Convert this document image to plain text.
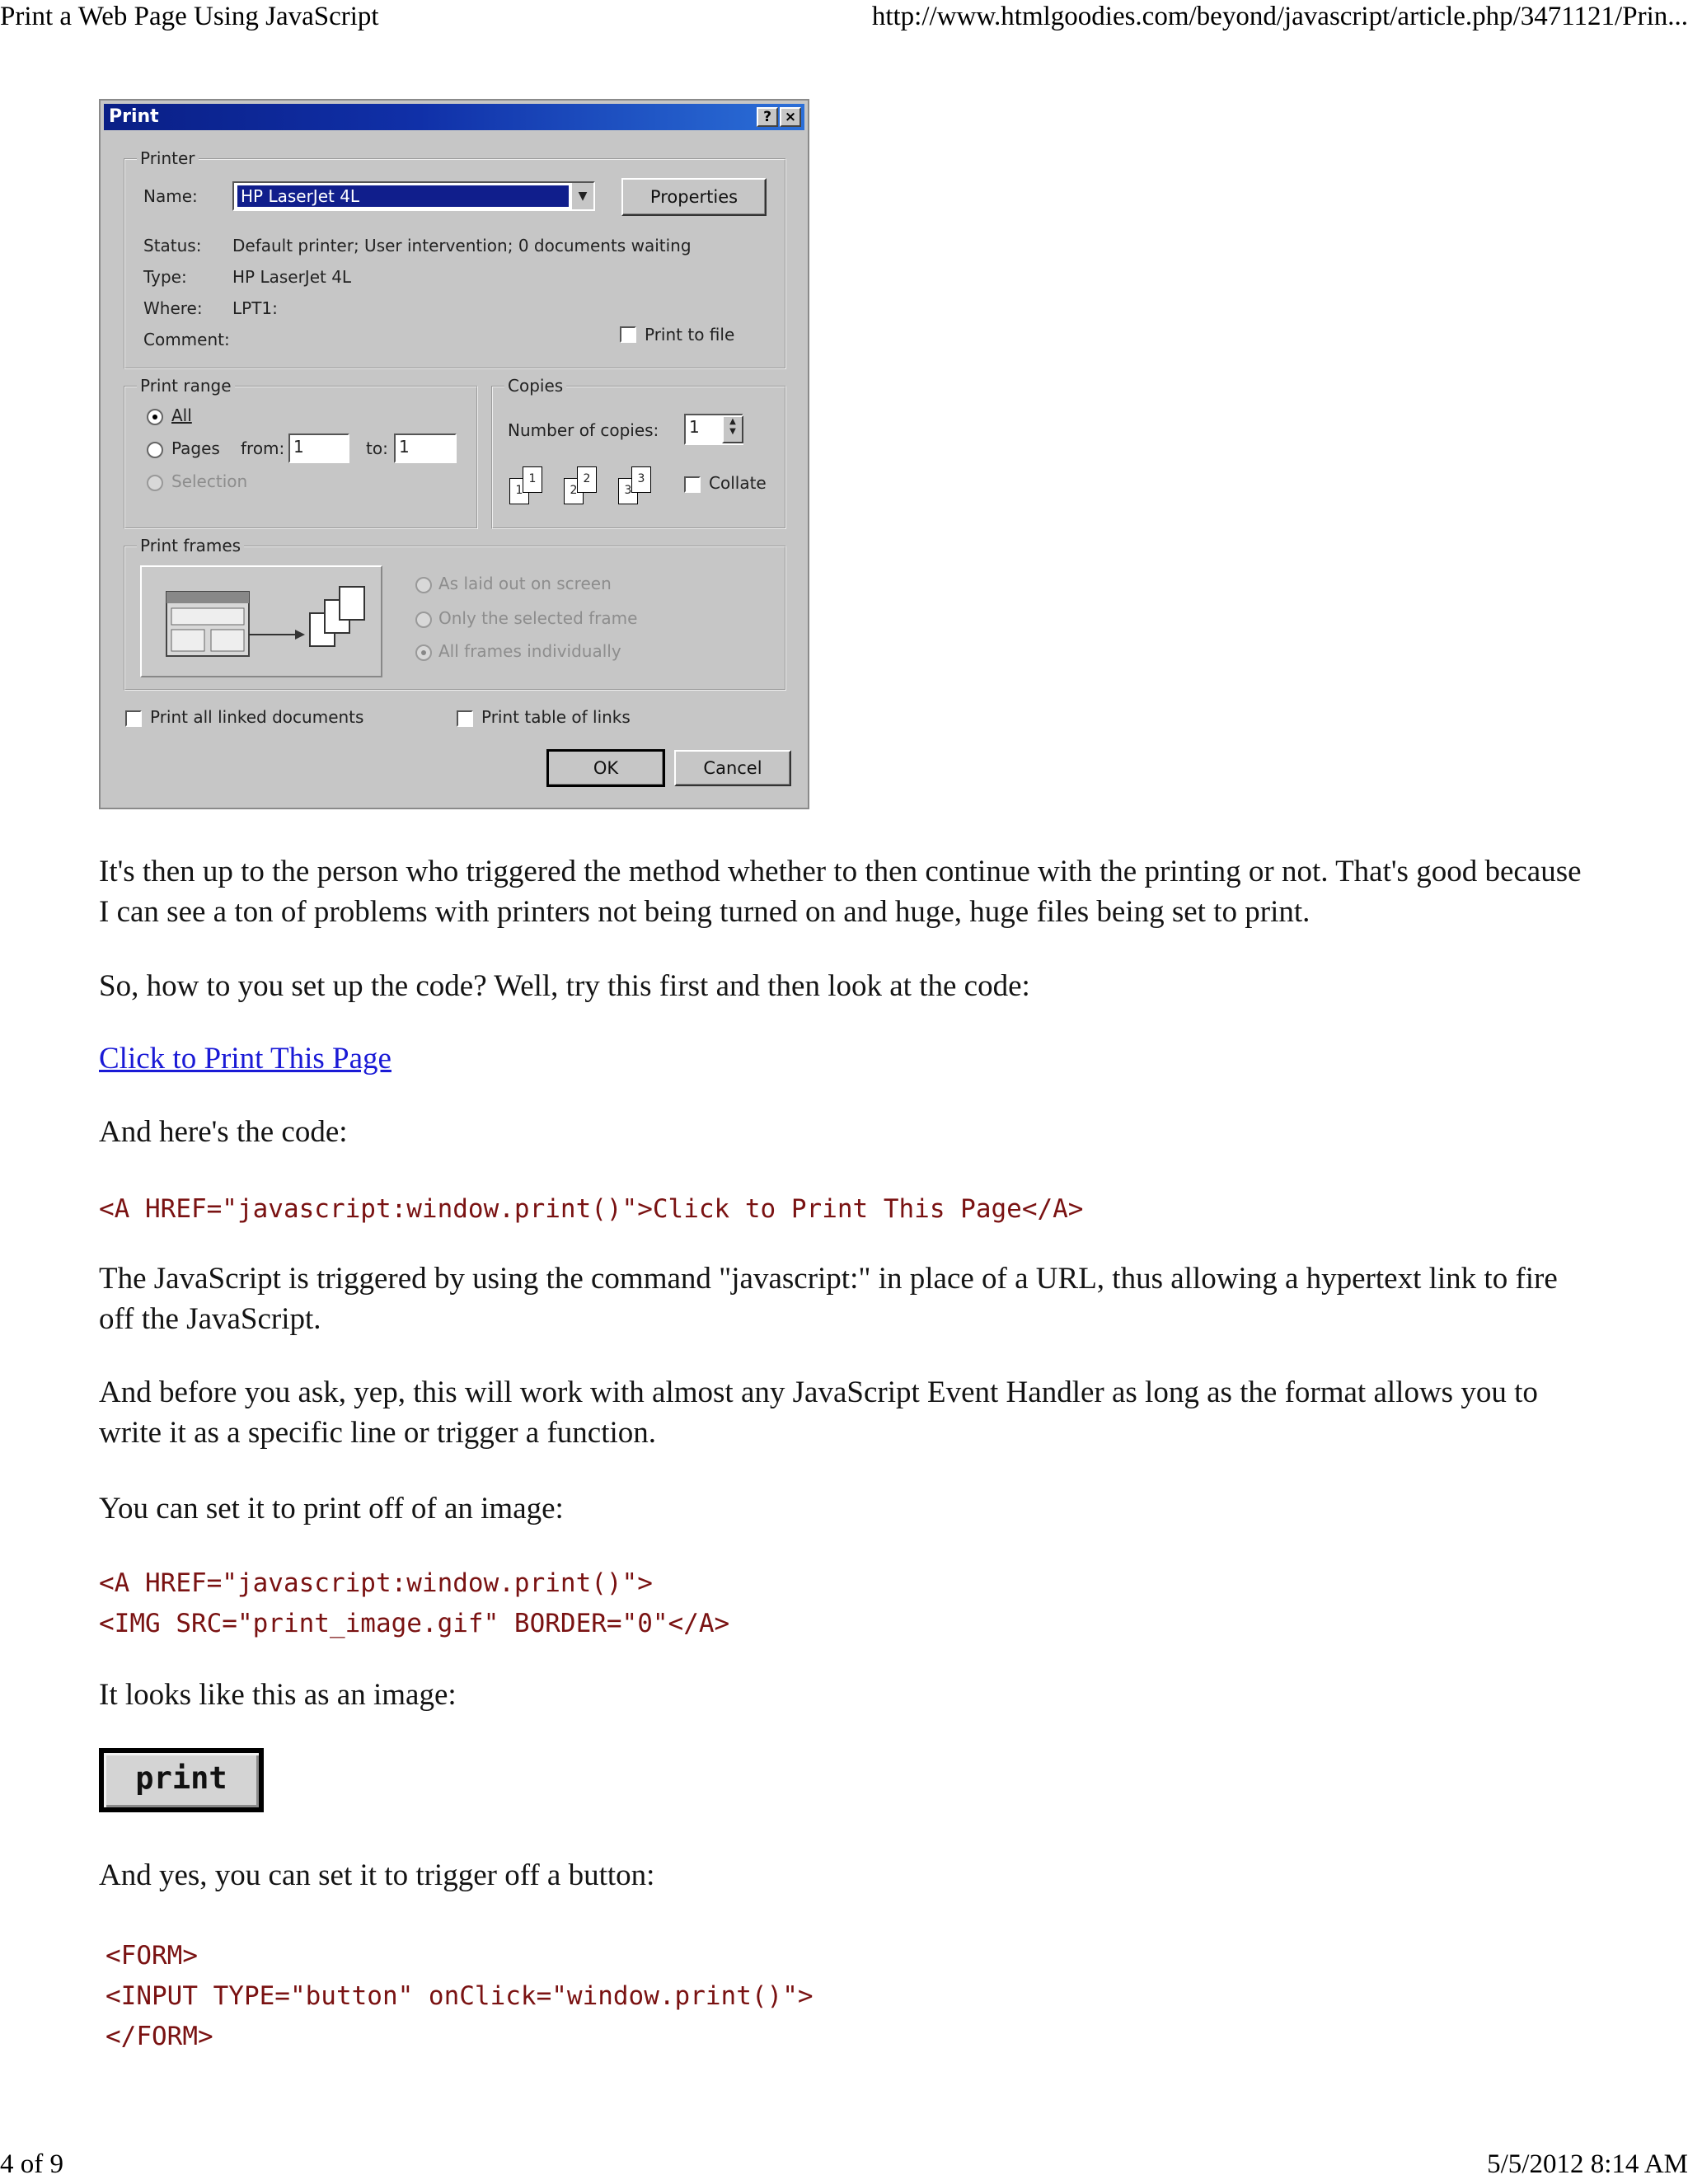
Print a Web Page Using JavaScript	http://www.htmlgoodies.com/beyond/javascript/article.php/3471121/Prin...
Print	? ×
Printer
Name:	HP LaserJet 4L	▼	Properties
Status: Default printer; User intervention; 0 documents waiting
Type:	HP LaserJet 4L
Where: LPT1:
Comment:	Print to file
Print range
All
Pages from: 1	to: 1
Selection
Copies
Number of copies:	1	▲
▼
1
1
2
2
3
3	Collate
Print frames
As laid out on screen
Only the selected frame
All frames individually
Print all linked documents	Print table of links
OK	Cancel

It's then up to the person who triggered the method whether to then continue with the printing or not. That's good because I can see a ton of problems with printers not being turned on and huge, huge files being set to print.

So, how to you set up the code? Well, try this first and then look at the code:

Click to Print This Page

And here's the code:

<A HREF="javascript:window.print()">Click to Print This Page</A>

The JavaScript is triggered by using the command "javascript:" in place of a URL, thus allowing a hypertext link to fire off the JavaScript.

And before you ask, yep, this will work with almost any JavaScript Event Handler as long as the format allows you to write it as a specific line or trigger a function.

You can set it to print off of an image:

<A HREF="javascript:window.print()">
<IMG SRC="print_image.gif" BORDER="0"</A>

It looks like this as an image:

print

And yes, you can set it to trigger off a button:

<FORM>
<INPUT TYPE="button" onClick="window.print()">
</FORM>
4 of 9	5/5/2012 8:14 AM
